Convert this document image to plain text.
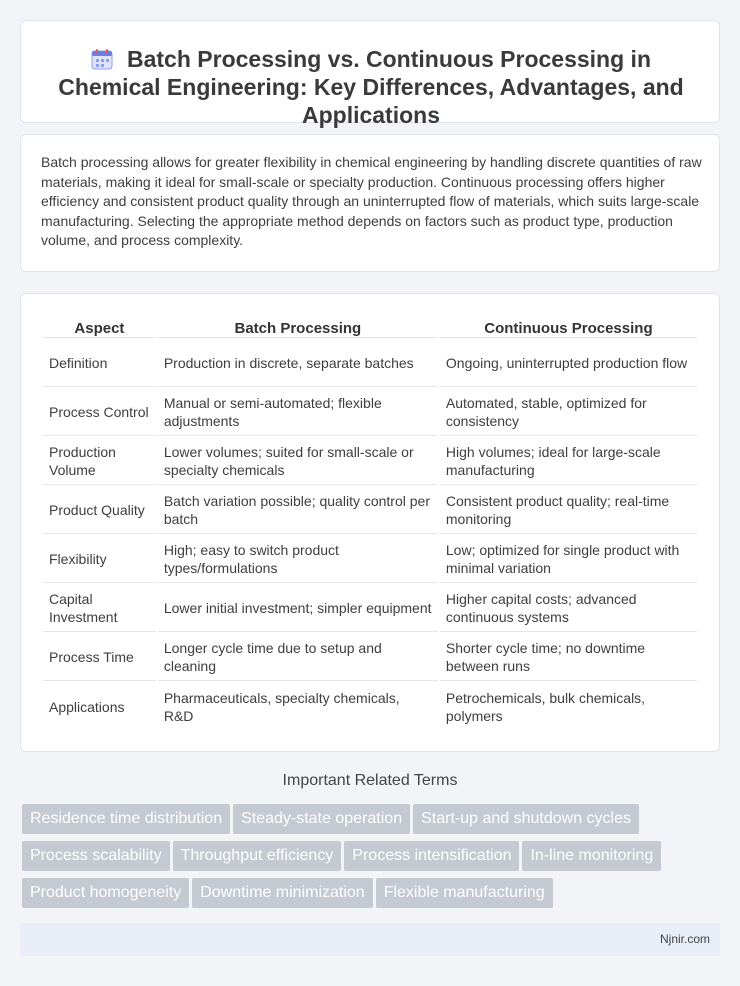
Batch Processing vs. Continuous Processing in Chemical Engineering: Key Differences, Advantages, and Applications

Batch processing allows for greater flexibility in chemical engineering by handling discrete quantities of raw materials, making it ideal for small-scale or specialty production. Continuous processing offers higher efficiency and consistent product quality through an uninterrupted flow of materials, which suits large-scale manufacturing. Selecting the appropriate method depends on factors such as product type, production volume, and process complexity.

Aspect	Batch Processing	Continuous Processing
Definition	Production in discrete, separate batches	Ongoing, uninterrupted production flow
Process Control	Manual or semi-automated; flexible adjustments	Automated, stable, optimized for consistency
Production Volume	Lower volumes; suited for small-scale or specialty chemicals	High volumes; ideal for large-scale manufacturing
Product Quality	Batch variation possible; quality control per batch	Consistent product quality; real-time monitoring
Flexibility	High; easy to switch product types/formulations	Low; optimized for single product with minimal variation
Capital Investment	Lower initial investment; simpler equipment	Higher capital costs; advanced continuous systems
Process Time	Longer cycle time due to setup and cleaning	Shorter cycle time; no downtime between runs
Applications	Pharmaceuticals, specialty chemicals, R&D	Petrochemicals, bulk chemicals, polymers
Important Related Terms
Residence time distribution Steady-state operation Start-up and shutdown cycles
Process scalability Throughput efficiency Process intensification In-line monitoring
Product homogeneity Downtime minimization Flexible manufacturing
Njnir.com
